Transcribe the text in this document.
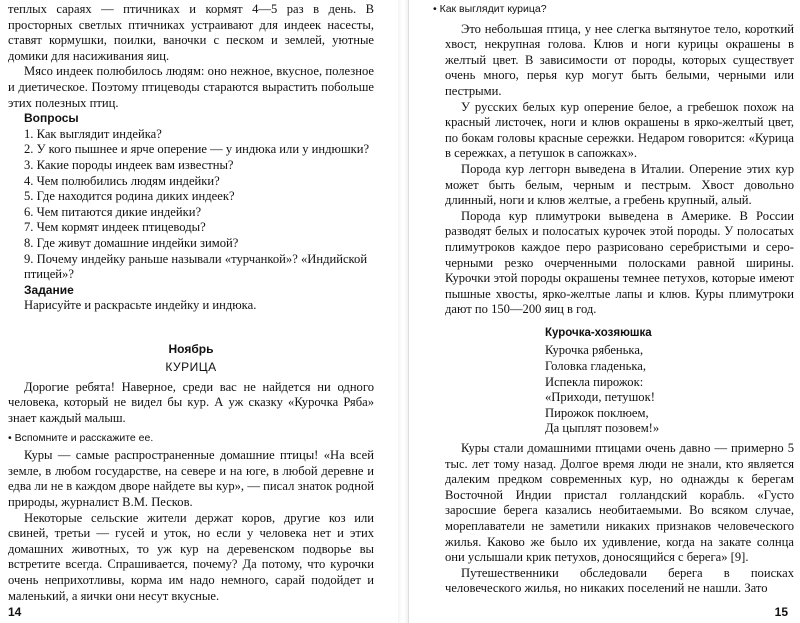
теплых сараях — птичниках и кормят 4—5 раз в день. В просторных светлых птичниках устраивают для индеек насесты, ставят кормушки, поилки, ваночки с песком и землей, уютные домики для насиживания яиц.

Мясо индеек полюбилось людям: оно нежное, вкусное, полезное и диетическое. Поэтому птицеводы стараются вырастить побольше этих полезных птиц.

Вопросы

1. Как выглядит индейка?
2. У кого пышнее и ярче оперение — у индюка или у индюшки?
3. Какие породы индеек вам известны?
4. Чем полюбились людям индейки?
5. Где находится родина диких индеек?
6. Чем питаются дикие индейки?
7. Чем кормят индеек птицеводы?
8. Где живут домашние индейки зимой?
9. Почему индейку раньше называли «турчанкой»? «Индийской птицей»?

Задание

Нарисуйте и раскрасьте индейку и индюка.

Ноябрь
КУРИЦА

Дорогие ребята! Наверное, среди вас не найдется ни одного человека, который не видел бы кур. А уж сказку «Курочка Ряба» знает каждый малыш.

• Вспомните и расскажите ее.

Куры — самые распространенные домашние птицы! «На всей земле, в любом государстве, на севере и на юге, в любой деревне и едва ли не в каждом дворе найдете вы кур», — писал знаток родной природы, журналист В.М. Песков.

Некоторые сельские жители держат коров, другие коз или свиней, третьи — гусей и уток, но если у человека нет и этих домашних животных, то уж кур на деревенском подворье вы встретите всегда. Спрашивается, почему? Да потому, что курочки очень неприхотливы, корма им надо немного, сарай подойдет и маленький, а яички они несут вкусные.

• Как выглядит курица?

Это небольшая птица, у нее слегка вытянутое тело, короткий хвост, некрупная голова. Клюв и ноги курицы окрашены в желтый цвет. В зависимости от породы, которых существует очень много, перья кур могут быть белыми, черными или пестрыми.

У русских белых кур оперение белое, а гребешок похож на красный листочек, ноги и клюв окрашены в ярко-желтый цвет, по бокам головы красные сережки. Недаром говорится: «Курица в сережках, а петушок в сапожках».

Порода кур леггорн выведена в Италии. Оперение этих кур может быть белым, черным и пестрым. Хвост довольно длинный, ноги и клюв желтые, а гребень крупный, алый.

Порода кур плимутроки выведена в Америке. В России разводят белых и полосатых курочек этой породы. У полосатых плимутроков каждое перо разрисовано серебристыми и серо-черными резко очерченными полосками равной ширины. Курочки этой породы окрашены темнее петухов, которые имеют пышные хвосты, ярко-желтые лапы и клюв. Куры плимутроки дают по 150—200 яиц в год.

Курочка-хозяюшка
Курочка рябенька,
Головка гладенька,
Испекла пирожок:
«Приходи, петушок!
Пирожок поклюем,
Да цыплят позовем!»

Куры стали домашними птицами очень давно — примерно 5 тыс. лет тому назад. Долгое время люди не знали, кто является далеким предком современных кур, но однажды к берегам Восточной Индии пристал голландский корабль. «Густо заросшие берега казались необитаемыми. Во всяком случае, мореплаватели не заметили никаких признаков человеческого жилья. Каково же было их удивление, когда на закате солнца они услышали крик петухов, доносящийся с берега» [9].

Путешественники обследовали берега в поисках человеческого жилья, но никаких поселений не нашли. Зато

14	15
